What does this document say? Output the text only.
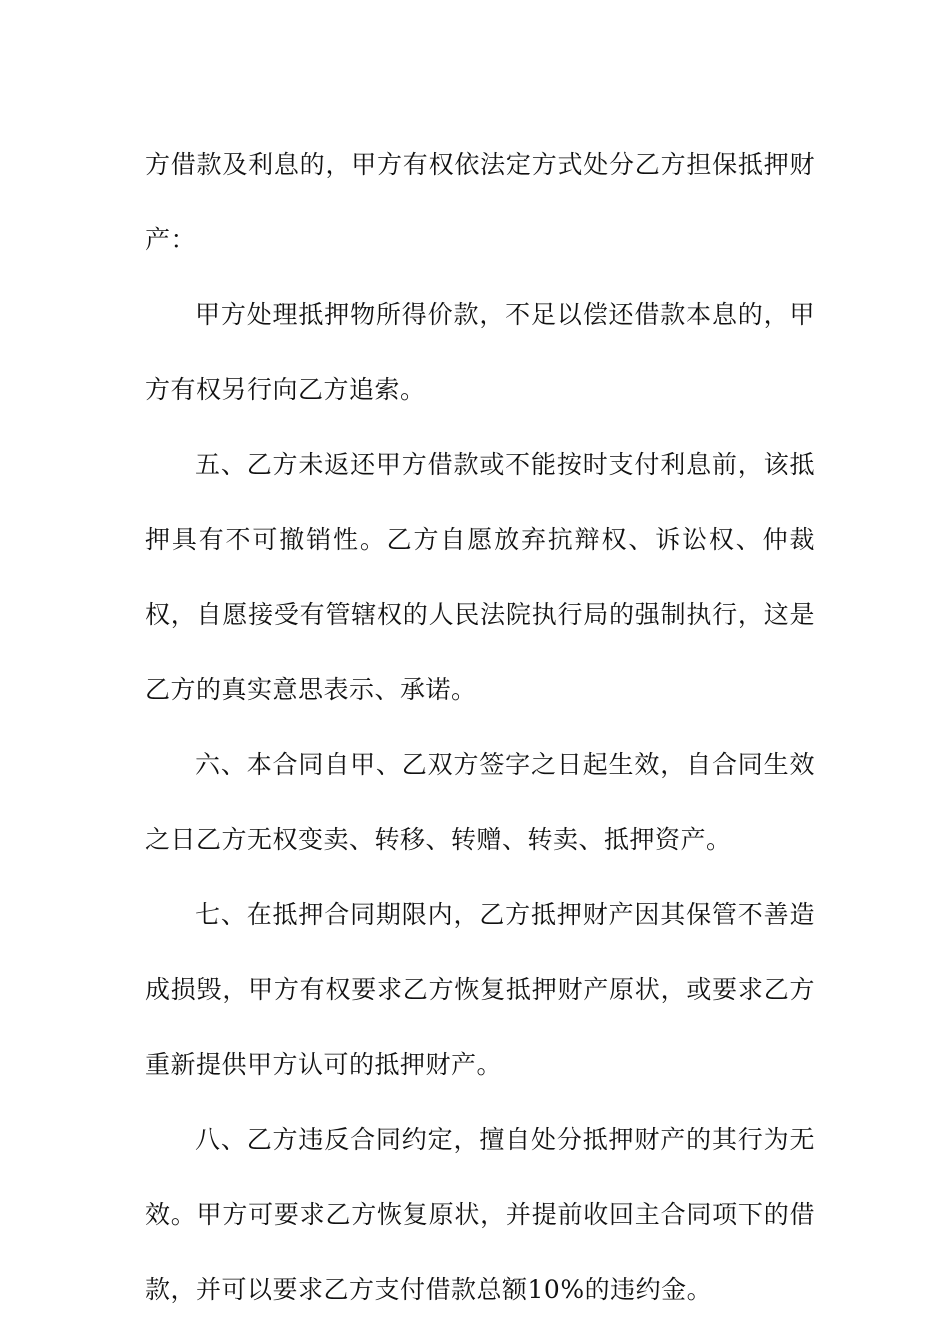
方借款及利息的，甲方有权依法定方式处分乙方担保抵押财产：

甲方处理抵押物所得价款，不足以偿还借款本息的，甲方有权另行向乙方追索。

五、乙方未返还甲方借款或不能按时支付利息前，该抵押具有不可撤销性。乙方自愿放弃抗辩权、诉讼权、仲裁权，自愿接受有管辖权的人民法院执行局的强制执行，这是乙方的真实意思表示、承诺。

六、本合同自甲、乙双方签字之日起生效，自合同生效之日乙方无权变卖、转移、转赠、转卖、抵押资产。

七、在抵押合同期限内，乙方抵押财产因其保管不善造成损毁，甲方有权要求乙方恢复抵押财产原状，或要求乙方重新提供甲方认可的抵押财产。

八、乙方违反合同约定，擅自处分抵押财产的其行为无效。甲方可要求乙方恢复原状，并提前收回主合同项下的借款，并可以要求乙方支付借款总额10%的违约金。
